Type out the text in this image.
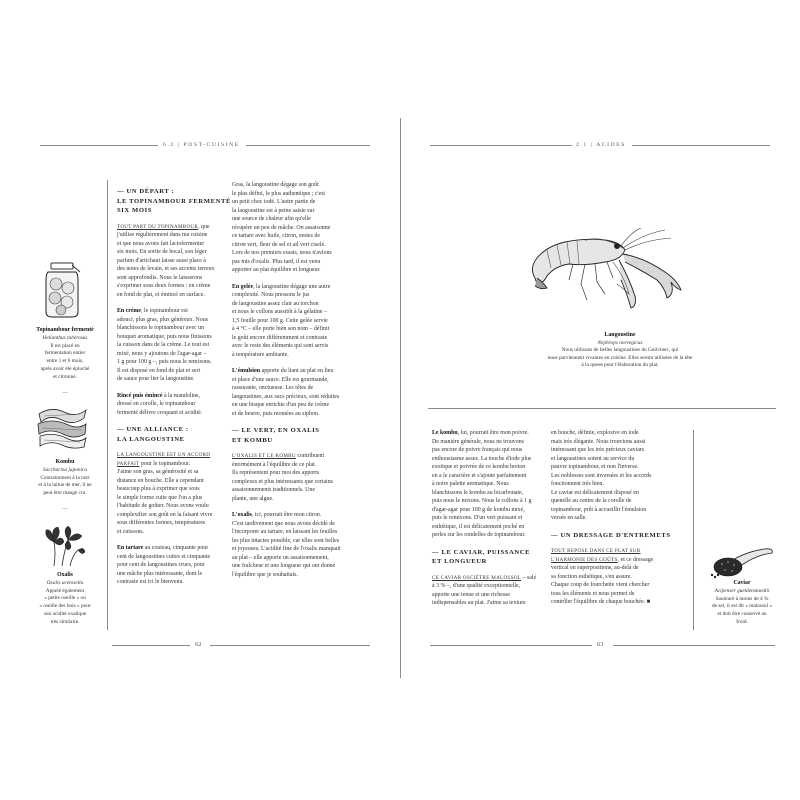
6.2 | POST-CUISINE	2.1 | ACIDES
Topinambour fermenté
Helianthus tuberosus
Il est placé en
fermentation entier
entre 1 et 6 mois,
après avoir été épluché
et citronné.
—
Kombu
Saccharina japonica
Contrairement à la nori
et à la laitue de mer, il ne
peut être mangé cru.
—
Oxalis
Oxalis acetosella
Appelé également
« petite oseille » ou
« oseille des bois » pour
son acidité oxalique
très similaire.
— UN DÉPART :
LE TOPINAMBOUR FERMENTÉ
SIX MOIS
TOUT PART DU TOPINAMBOUR, que
j'utilise régulièrement dans ma cuisine
et que nous avons fait lactofermenter
six mois. En sortie de bocal, son léger
parfum d'artichaut laisse aussi place à
des notes de levain, et ses accents terreux
sont approfondis. Nous le laisserons
s'exprimer sous deux formes : en crème
en fond de plat, et émincé en surface.
En crème, le topinambour est
adouci, plus gras, plus généreux. Nous
blanchissons le topinambour avec un
bouquet aromatique, puis nous finissons
la cuisson dans de la crème. Le tout est
mixé, nous y ajoutons de l'agar-agar –
1 g pour 100 g –, puis nous le remixons.
Il est disposé en fond de plat et sert
de sauce pour lier la langoustine.
Rincé puis émincé à la mandoline,
dressé en corolle, le topinambour
fermenté délivre croquant et acidité.
— UNE ALLIANCE :
LA LANGOUSTINE
LA LANGOUSTINE EST UN ACCORD
PARFAIT pour le topinambour.
J'aime son gras, sa générosité et sa
distance en bouche. Elle a cependant
beaucoup plus à exprimer que sous
le simple forme cuite que l'on a plus
l'habitude de goûter. Nous avons voulu
complexifier son goût en la faisant vivre
sous différentes formes, températures
et cuissons.
En tartare au couteau, cinquante pour
cent de langoustines cuites et cinquante
pour cent de langoustines crues, pour
une mâche plus intéressante, dont le
contraste est ici le bienvenu.
Gras, la langoustine dégage son goût
le plus défini, le plus authentique ; c'est
un petit choc iodé. L'autre partie de
la langoustine est à peine saisie sur
une source de chaleur afin qu'elle
récupère un peu de mâche. On assaisonne
ce tartare avec huile, citron, zestes de
citron vert, fleur de sel et ail vert ciselé.
Lors de nos premiers essais, nous n'avions
pas mis d'oxalis. Plus tard, il est venu
apporter au plat équilibre et longueur.
En gelée, la langoustine dégage une autre
complexité. Nous pressons le jus
de langoustine assez clair au torchon
et nous le collons aussitôt à la gélatine –
1,5 feuille pour 100 g. Cette gelée servie
à 4 °C – elle porte bien son nom – définit
le goût encore différemment et contraste
avec le reste des éléments qui sont servis
à température ambiante.
L'émulsion apporte du liant au plat en lieu
et place d'une sauce. Elle est gourmande,
rassurante, onctueuse. Les têtes de
langoustines, aux sucs précieux, sont réduites
en une bisque enrichie d'un peu de crème
et de beurre, puis montées au siphon.
— LE VERT, EN OXALIS
ET KOMBU
L'OXALIS ET LE KOMBU contribuent
énormément à l'équilibre de ce plat.
Ils représentent pour moi des apports
complexes et plus intéressants que certains
assaisonnements traditionnels. Une
plante, une algue.
L'oxalis, ici, pourrait être mon citron.
C'est tardivement que nous avons décidé de
l'incorporer au tartare, en laissant les feuilles
les plus intactes possible, car elles sont belles
et joyeuses. L'acidité fine de l'oxalis manquait
au plat – elle apporte un assaisonnement,
une fraîcheur et une longueur qui ont donné
l'équilibre que je souhaitais.
Langoustine
Nephrops norvegicus
Nous utilisons de belles langoustines du Guilvinec, qui
nous parviennent vivantes en cuisine. Elles seront utilisées de la tête
à la queue pour l'élaboration du plat.
Le kombu, lui, pourrait être mon poivre.
De manière générale, nous ne trouvons
pas encore de poivre français qui nous
enthousiasme assez. La touche d'iode plus
exotique et poivrée de ce kombu breton
en a le caractère et s'ajoute parfaitement
à notre palette aromatique. Nous
blanchissons le kombu au bicarbonate,
puis nous le mixons. Nous le collons à 1 g
d'agar-agar pour 100 g de kombu mixé,
puis le remixons. D'un vert puissant et
esthétique, il est délicatement poché en
perles sur les rondelles de topinambour.
— LE CAVIAR, PUISSANCE
ET LONGUEUR
CE CAVIAR OSCIÈTRE MALOSSOL – salé
à 3 % –, d'une qualité exceptionnelle,
apporte une tenue et une richesse
indispensables au plat. J'aime sa texture
en bouche, définie, explosive en iode
mais très élégante. Nous trouvions aussi
intéressant que les très précieux caviars
et langoustines soient au service du
pauvre topinambour, et non l'inverse.
Les noblesses sont inversées et les accords
fonctionnent très bien.
Le caviar est délicatement disposé en
quenelle au centre de la corolle de
topinambour, prêt à accueillir l'émulsion
versée en salle.
— UN DRESSAGE D'ENTREMETS
TOUT REPOSE DANS CE PLAT SUR
L'HARMONIE DES GOÛTS, et ce dressage
vertical en superpositions, au-delà de
sa fonction esthétique, s'en assure.
Chaque coup de fourchette vient chercher
tous les éléments et nous permet de
contrôler l'équilibre de chaque bouchée. ■
Caviar
Acipenser gueldenstaedtii
Saumuré à moins de 4 %
de sel, il est dit « malossol »
et doit être conservé au
froid.
62	63
